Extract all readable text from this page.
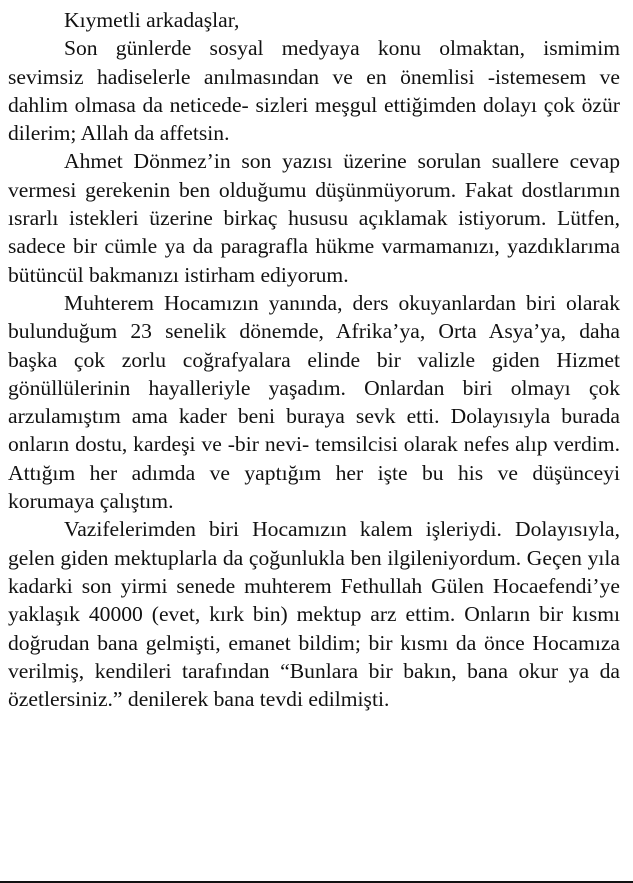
Kıymetli arkadaşlar,

Son günlerde sosyal medyaya konu olmaktan, ismimim sevimsiz hadiselerle anılmasından ve en önemlisi -istemesem ve dahlim olmasa da neticede- sizleri meşgul ettiğimden dolayı çok özür dilerim; Allah da affetsin.

Ahmet Dönmez’in son yazısı üzerine sorulan suallere cevap vermesi gerekenin ben olduğumu düşünmüyorum. Fakat dostlarımın ısrarlı istekleri üzerine birkaç hususu açıklamak istiyorum. Lütfen, sadece bir cümle ya da paragrafla hükme varmamanızı, yazdıklarıma bütüncül bakmanızı istirham ediyorum.

Muhterem Hocamızın yanında, ders okuyanlardan biri olarak bulunduğum 23 senelik dönemde, Afrika’ya, Orta Asya’ya, daha başka çok zorlu coğrafyalara elinde bir valizle giden Hizmet gönüllülerinin hayalleriyle yaşadım. Onlardan biri olmayı çok arzulamıştım ama kader beni buraya sevk etti. Dolayısıyla burada onların dostu, kardeşi ve -bir nevi- temsilcisi olarak nefes alıp verdim. Attığım her adımda ve yaptığım her işte bu his ve düşünceyi korumaya çalıştım.

Vazifelerimden biri Hocamızın kalem işleriydi. Dolayısıyla, gelen giden mektuplarla da çoğunlukla ben ilgileniyordum. Geçen yıla kadarki son yirmi senede muhterem Fethullah Gülen Hocaefendi’ye yaklaşık 40000 (evet, kırk bin) mektup arz ettim. Onların bir kısmı doğrudan bana gelmişti, emanet bildim; bir kısmı da önce Hocamıza verilmiş, kendileri tarafından “Bunlara bir bakın, bana okur ya da özetlersiniz.” denilerek bana tevdi edilmişti.
